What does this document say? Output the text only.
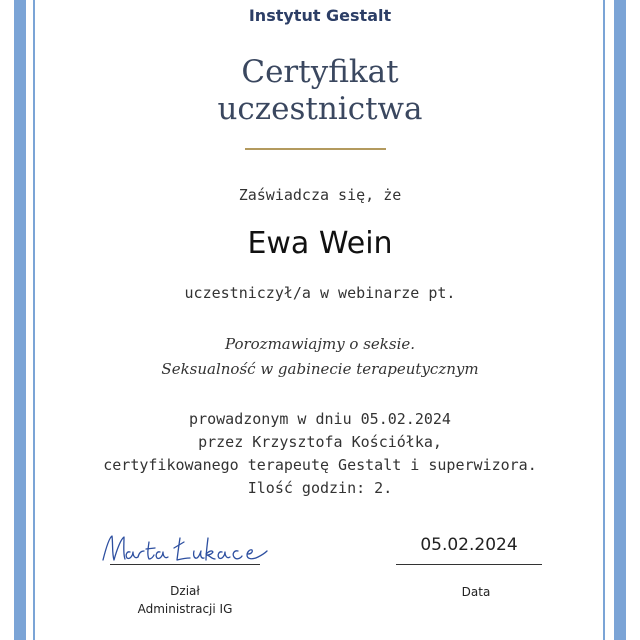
Instytut Gestalt
Certyfikat
uczestnictwa
Zaświadcza się, że
Ewa Wein
uczestniczył/a w webinarze pt.
Porozmawiajmy o seksie.
Seksualność w gabinecie terapeutycznym
prowadzonym w dniu 05.02.2024
przez Krzysztofa Kościółka,
certyfikowanego terapeutę Gestalt i superwizora.
Ilość godzin: 2.
05.02.2024
Dział
Administracji IG
Data
